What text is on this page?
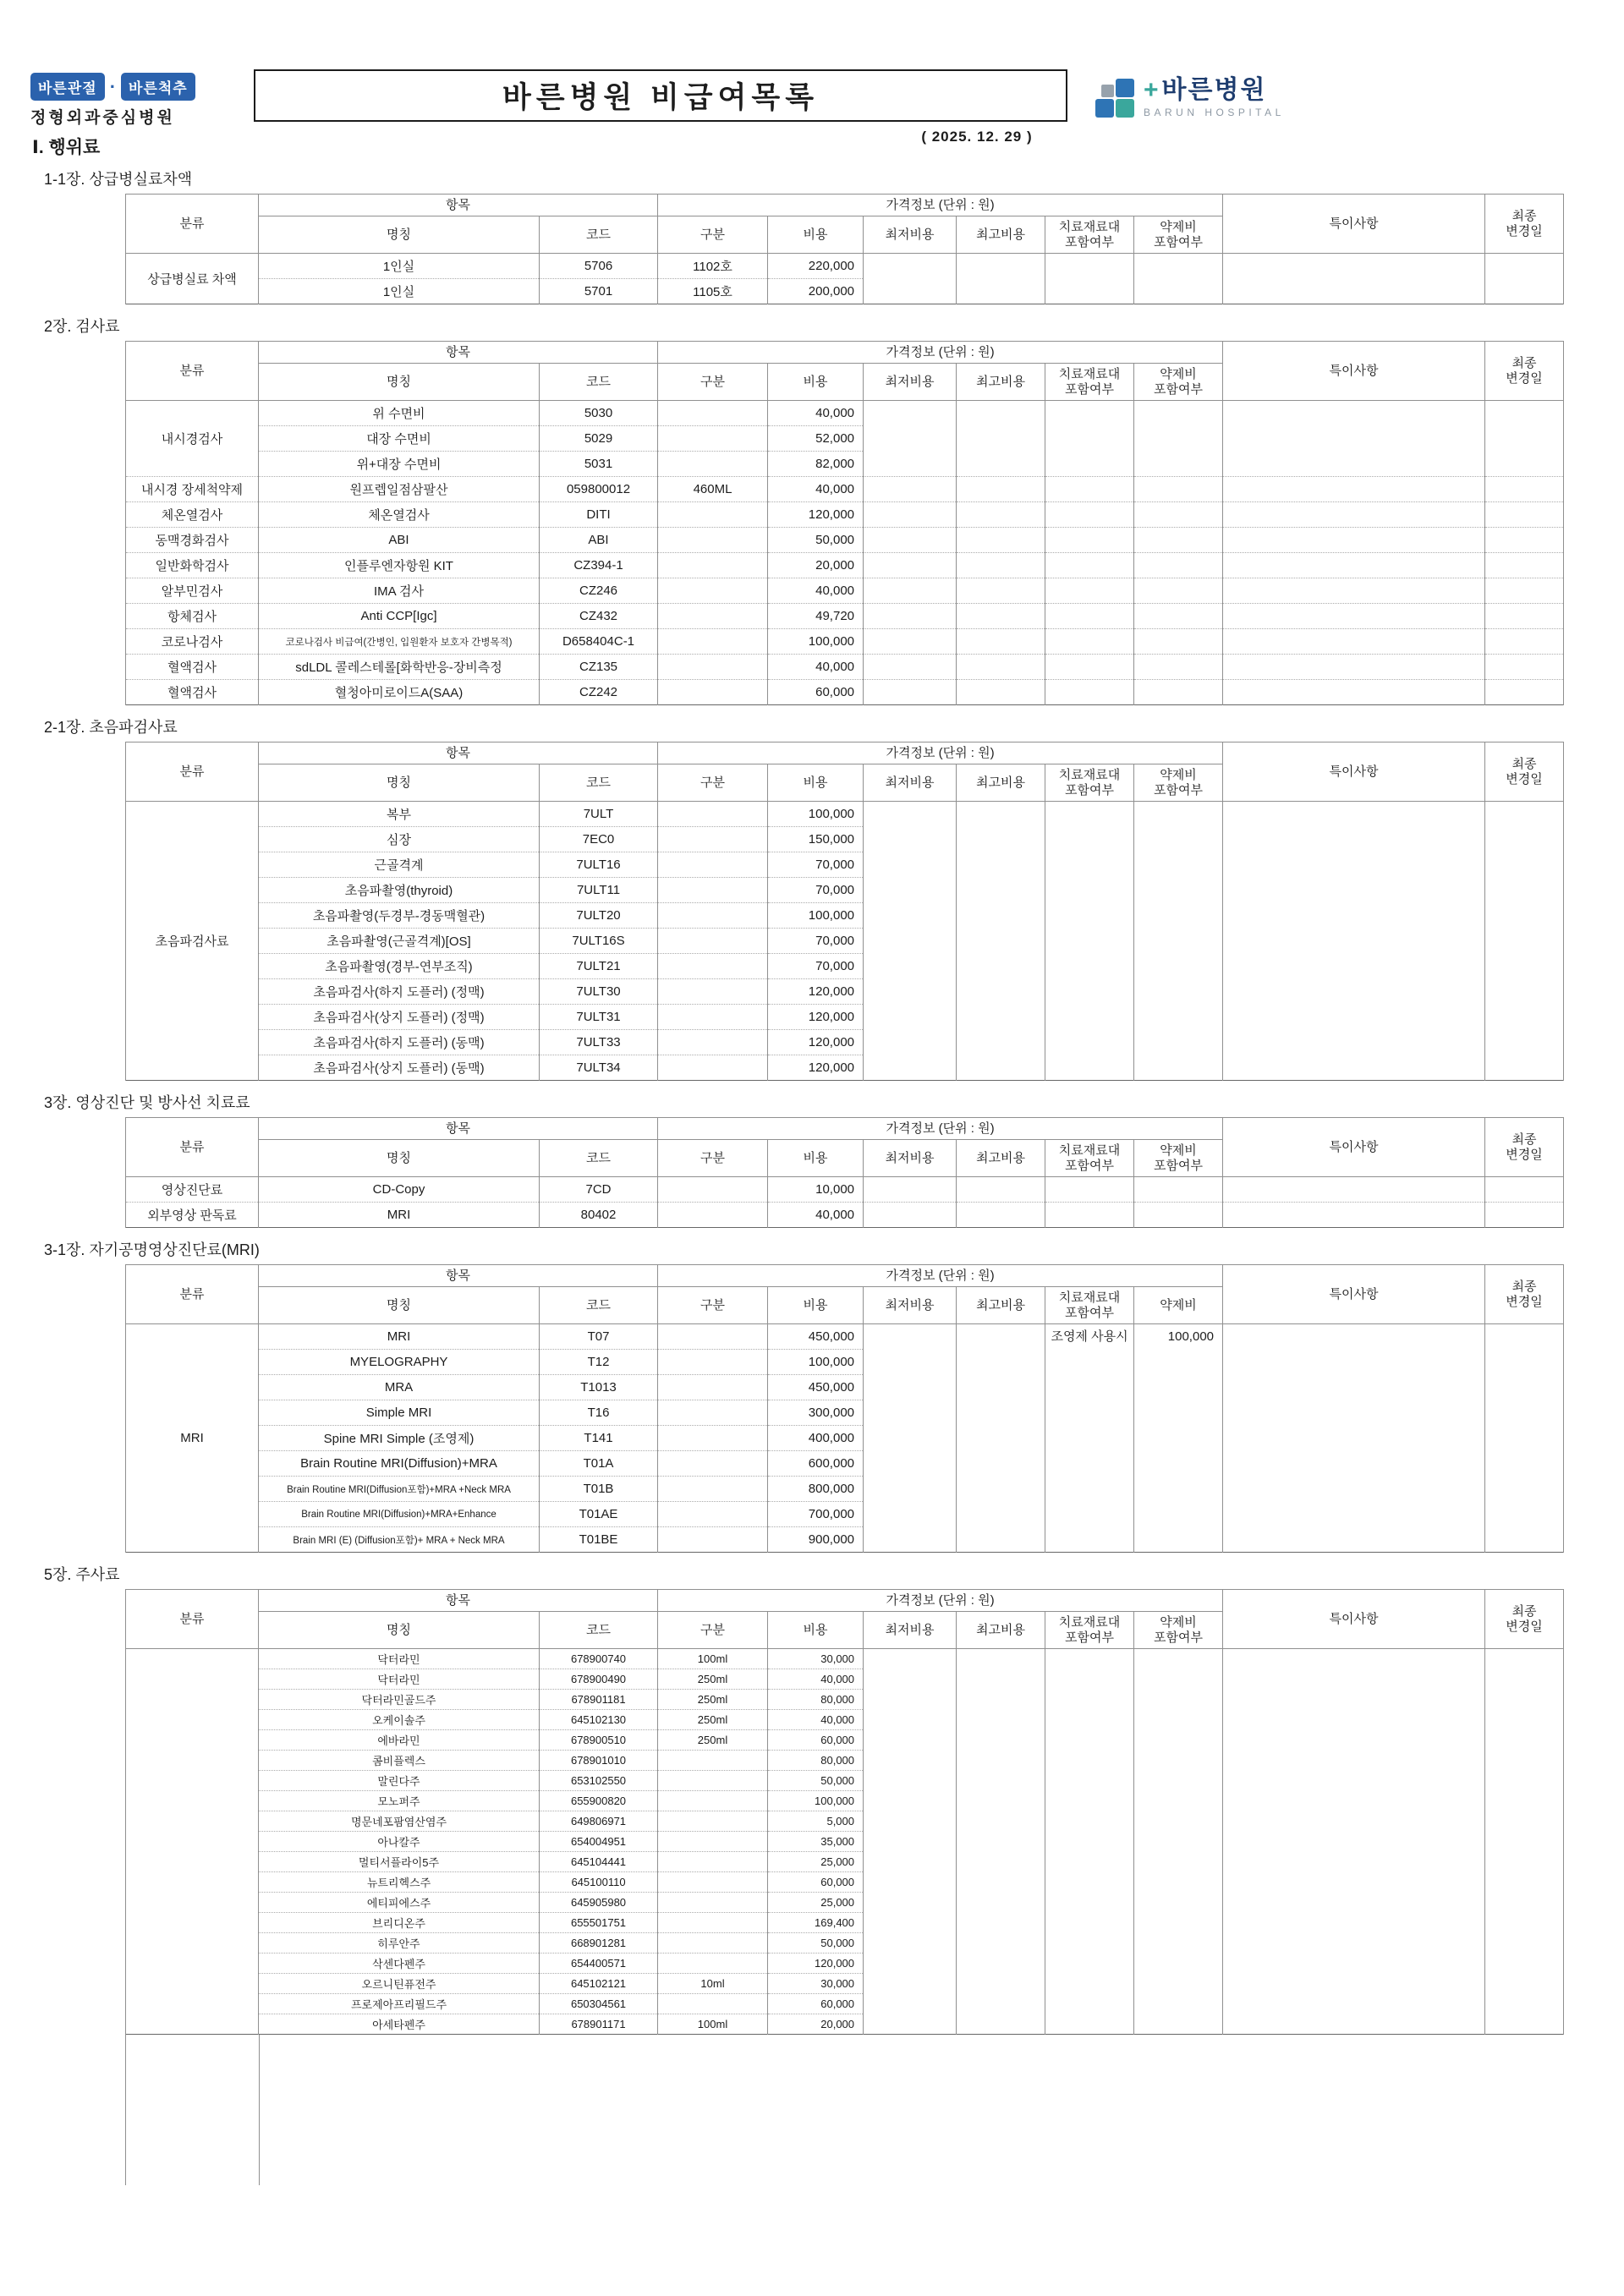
바른관절 · 바른척추
정형외과중심병원
Ⅰ. 행위료
바른병원 비급여목록
( 2025. 12. 29 )
+바른병원
BARUN HOSPITAL
1-1장. 상급병실료차액
분류	항목		가격정보 (단위 : 원)						특이사항	최종
변경일

명칭	코드	구분	비용	최저비용	최고비용	
치료재료대
포함여부

약제비
포함여부

상급병실료 차액	1인실	5706	1102호	220,000						
	1인실	5701	1105호	200,000						
2장. 검사료
분류	항목		가격정보 (단위 : 원)						특이사항	최종
변경일

명칭	코드	구분	비용	최저비용	최고비용	
치료재료대
포함여부

약제비
포함여부

내시경검사	위 수면비	5030		40,000						
	대장 수면비	5029		52,000						
	위+대장 수면비	5031		82,000						
내시경 장세척약제	원프렙일점삼팔산	059800012	460ML	40,000						
체온열검사	체온열검사	DITI		120,000						
동맥경화검사	ABI	ABI		50,000						
일반화학검사	인플루엔자항원 KIT	CZ394-1		20,000						
알부민검사	IMA 검사	CZ246		40,000						
항체검사	Anti CCP[Igc]	CZ432		49,720						
코로나검사	코로나검사 비급여(간병인, 입원환자 보호자 간병목적)	D658404C-1		100,000						
혈액검사	sdLDL 콜레스테롤[화학반응-장비측정	CZ135		40,000						
혈액검사	혈청아미로이드A(SAA)	CZ242		60,000						
2-1장. 초음파검사료
분류	항목		가격정보 (단위 : 원)						특이사항	최종
변경일

명칭	코드	구분	비용	최저비용	최고비용	
치료재료대
포함여부

약제비
포함여부

초음파검사료	복부	7ULT		100,000						
	심장	7EC0		150,000						
	근골격계	7ULT16		70,000						
	초음파촬영(thyroid)	7ULT11		70,000						
	초음파촬영(두경부-경동맥혈관)	7ULT20		100,000						
	초음파촬영(근골격계)[OS]	7ULT16S		70,000						
	초음파촬영(경부-연부조직)	7ULT21		70,000						
	초음파검사(하지 도플러) (정맥)	7ULT30		120,000						
	초음파검사(상지 도플러) (정맥)	7ULT31		120,000						
	초음파검사(하지 도플러) (동맥)	7ULT33		120,000						
	초음파검사(상지 도플러) (동맥)	7ULT34		120,000						
3장. 영상진단 및 방사선 치료료
분류	항목		가격정보 (단위 : 원)						특이사항	최종
변경일

명칭	코드	구분	비용	최저비용	최고비용	
치료재료대
포함여부

약제비
포함여부

영상진단료	CD-Copy	7CD		10,000						
외부영상 판독료	MRI	80402		40,000						
3-1장. 자기공명영상진단료(MRI)
분류	항목		가격정보 (단위 : 원)						특이사항	최종
변경일

	명칭	코드	구분	비용	최저비용	최고비용	치료재료대
포함여부	약제비		
MRI	MRI	T07		450,000			조영제 사용시	100,000		

	MYELOGRAPHY	T12		100,000						
	MRA	T1013		450,000						
	Simple MRI	T16		300,000						
	Spine MRI Simple (조영제)	T141		400,000						
	Brain Routine MRI(Diffusion)+MRA	T01A		600,000						
	Brain Routine MRI(Diffusion포함)+MRA +Neck MRA	T01B		800,000						
	Brain Routine MRI(Diffusion)+MRA+Enhance	T01AE		700,000						
	Brain MRI (E) (Diffusion포함)+ MRA + Neck MRA	T01BE		900,000						
5장. 주사료
분류	항목		가격정보 (단위 : 원)						특이사항	최종
변경일

명칭	코드	구분	비용	최저비용	최고비용	
치료재료대
포함여부

약제비
포함여부

	닥터라민	678900740	100ml	30,000						
	닥터라민	678900490	250ml	40,000						
	닥터라민골드주	678901181	250ml	80,000						
	오케이솔주	645102130	250ml	40,000						
	에바라민	678900510	250ml	60,000						
	콤비플렉스	678901010		80,000						
	말린다주	653102550		50,000						
	모노퍼주	655900820		100,000						
	명문네포팜염산염주	649806971		5,000						
	아나칼주	654004951		35,000						
	멀티서플라이5주	645104441		25,000						
	뉴트리헥스주	645100110		60,000						
	에티피에스주	645905980		25,000						
	브리디온주	655501751		169,400						
	히루안주	668901281		50,000						
	삭센다펜주	654400571		120,000						
	오르니틴퓨전주	645102121	10ml	30,000						
	프로제아프리필드주	650304561		60,000						
	아세타펜주	678901171	100ml	20,000						
